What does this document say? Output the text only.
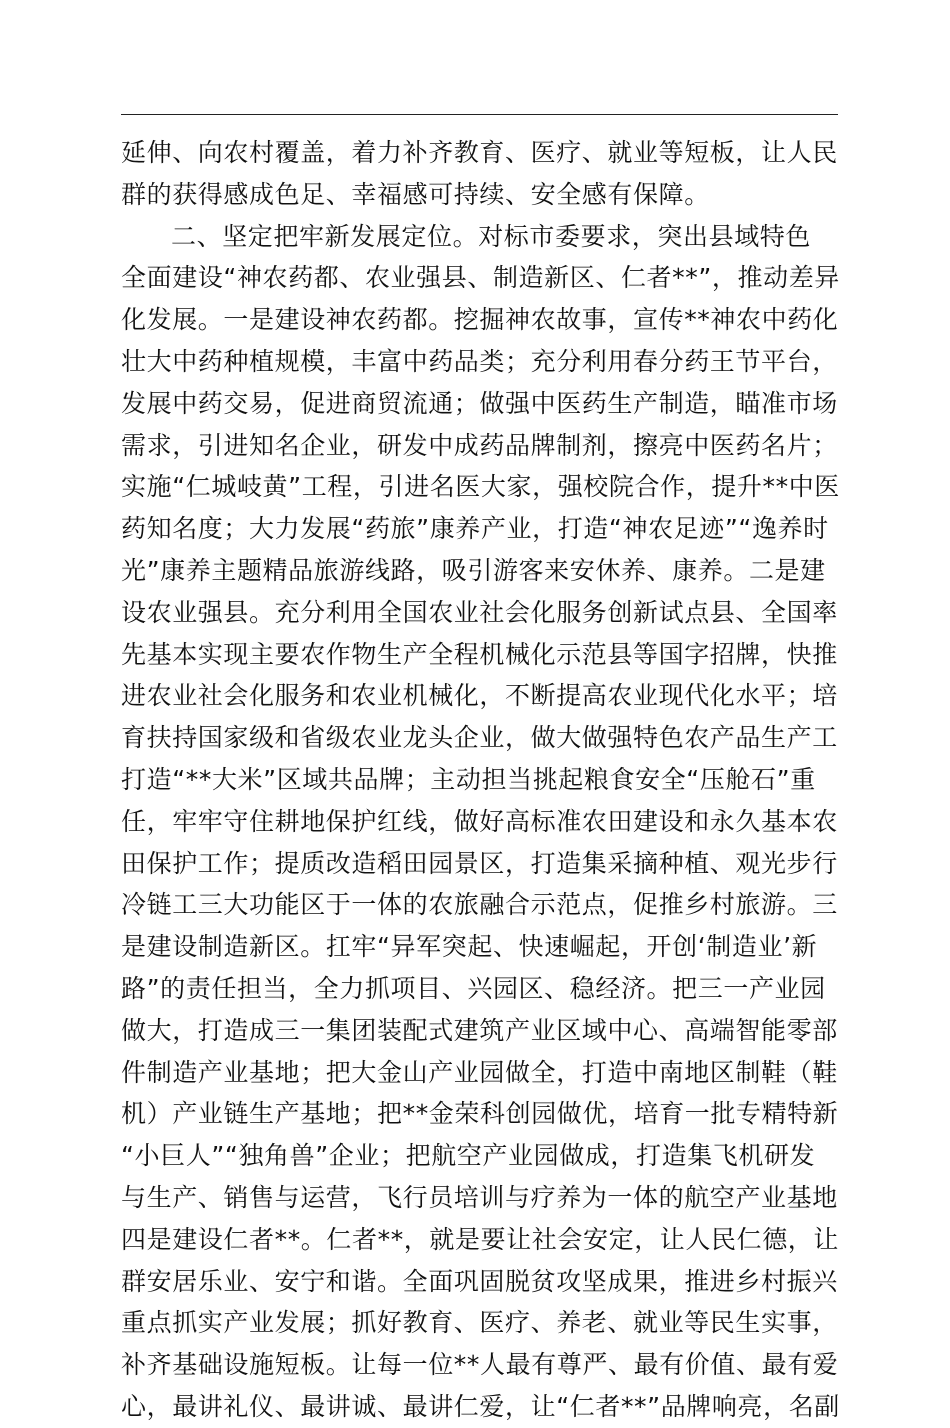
延伸、向农村覆盖，着力补齐教育、医疗、就业等短板，让人民
群的获得感成色足、幸福感可持续、安全感有保障。
二、坚定把牢新发展定位。对标市委要求，突出县域特色
全面建设“神农药都、农业强县、制造新区、仁者**”，推动差异
化发展。一是建设神农药都。挖掘神农故事，宣传**神农中药化
壮大中药种植规模，丰富中药品类；充分利用春分药王节平台，
发展中药交易，促进商贸流通；做强中医药生产制造，瞄准市场
需求，引进知名企业，研发中成药品牌制剂，擦亮中医药名片；
实施“仁城岐黄”工程，引进名医大家，强校院合作，提升**中医
药知名度；大力发展“药旅”康养产业，打造“神农足迹”“逸养时
光”康养主题精品旅游线路，吸引游客来安休养、康养。二是建
设农业强县。充分利用全国农业社会化服务创新试点县、全国率
先基本实现主要农作物生产全程机械化示范县等国字招牌，快推
进农业社会化服务和农业机械化，不断提高农业现代化水平；培
育扶持国家级和省级农业龙头企业，做大做强特色农产品生产工
打造“**大米”区域共品牌；主动担当挑起粮食安全“压舱石”重
任，牢牢守住耕地保护红线，做好高标准农田建设和永久基本农
田保护工作；提质改造稻田园景区，打造集采摘种植、观光步行
冷链工三大功能区于一体的农旅融合示范点，促推乡村旅游。三
是建设制造新区。扛牢“异军突起、快速崛起，开创‘制造业’新
路”的责任担当，全力抓项目、兴园区、稳经济。把三一产业园
做大，打造成三一集团装配式建筑产业区域中心、高端智能零部
件制造产业基地；把大金山产业园做全，打造中南地区制鞋（鞋
机）产业链生产基地；把**金荣科创园做优，培育一批专精特新
“小巨人”“独角兽”企业；把航空产业园做成，打造集飞机研发
与生产、销售与运营，飞行员培训与疗养为一体的航空产业基地
四是建设仁者**。仁者**，就是要让社会安定，让人民仁德，让
群安居乐业、安宁和谐。全面巩固脱贫攻坚成果，推进乡村振兴
重点抓实产业发展；抓好教育、医疗、养老、就业等民生实事，
补齐基础设施短板。让每一位**人最有尊严、最有价值、最有爱
心，最讲礼仪、最讲诚、最讲仁爱，让“仁者**”品牌响亮，名副
